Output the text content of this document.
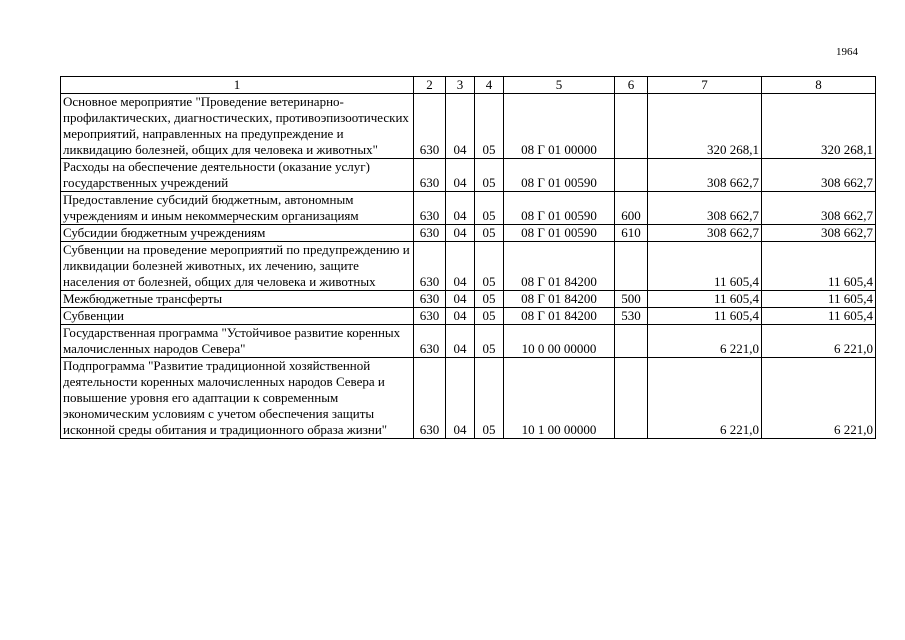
1964
1	2	3	4	5	6	7	8
Основное мероприятие "Проведение ветеринарно-профилактических, диагностических, противоэпизоотических мероприятий, направленных на предупреждение и ликвидацию болезней, общих для человека и животных"	630	04	05	08 Г 01 00000		320 268,1	320 268,1
Расходы на обеспечение деятельности (оказание услуг) государственных учреждений	630	04	05	08 Г 01 00590		308 662,7	308 662,7
Предоставление субсидий бюджетным, автономным учреждениям и иным некоммерческим организациям	630	04	05	08 Г 01 00590	600	308 662,7	308 662,7
Субсидии бюджетным учреждениям	630	04	05	08 Г 01 00590	610	308 662,7	308 662,7
Субвенции на проведение мероприятий по предупреждению и ликвидации болезней животных, их лечению, защите населения от болезней, общих для человека и животных	630	04	05	08 Г 01 84200		11 605,4	11 605,4
Межбюджетные трансферты	630	04	05	08 Г 01 84200	500	11 605,4	11 605,4
Субвенции	630	04	05	08 Г 01 84200	530	11 605,4	11 605,4
Государственная программа "Устойчивое развитие коренных малочисленных народов Севера"	630	04	05	10 0 00 00000		6 221,0	6 221,0
Подпрограмма "Развитие традиционной хозяйственной деятельности коренных малочисленных народов Севера и повышение уровня его адаптации к современным экономическим условиям с учетом обеспечения защиты исконной среды обитания и традиционного образа жизни"	630	04	05	10 1 00 00000		6 221,0	6 221,0
